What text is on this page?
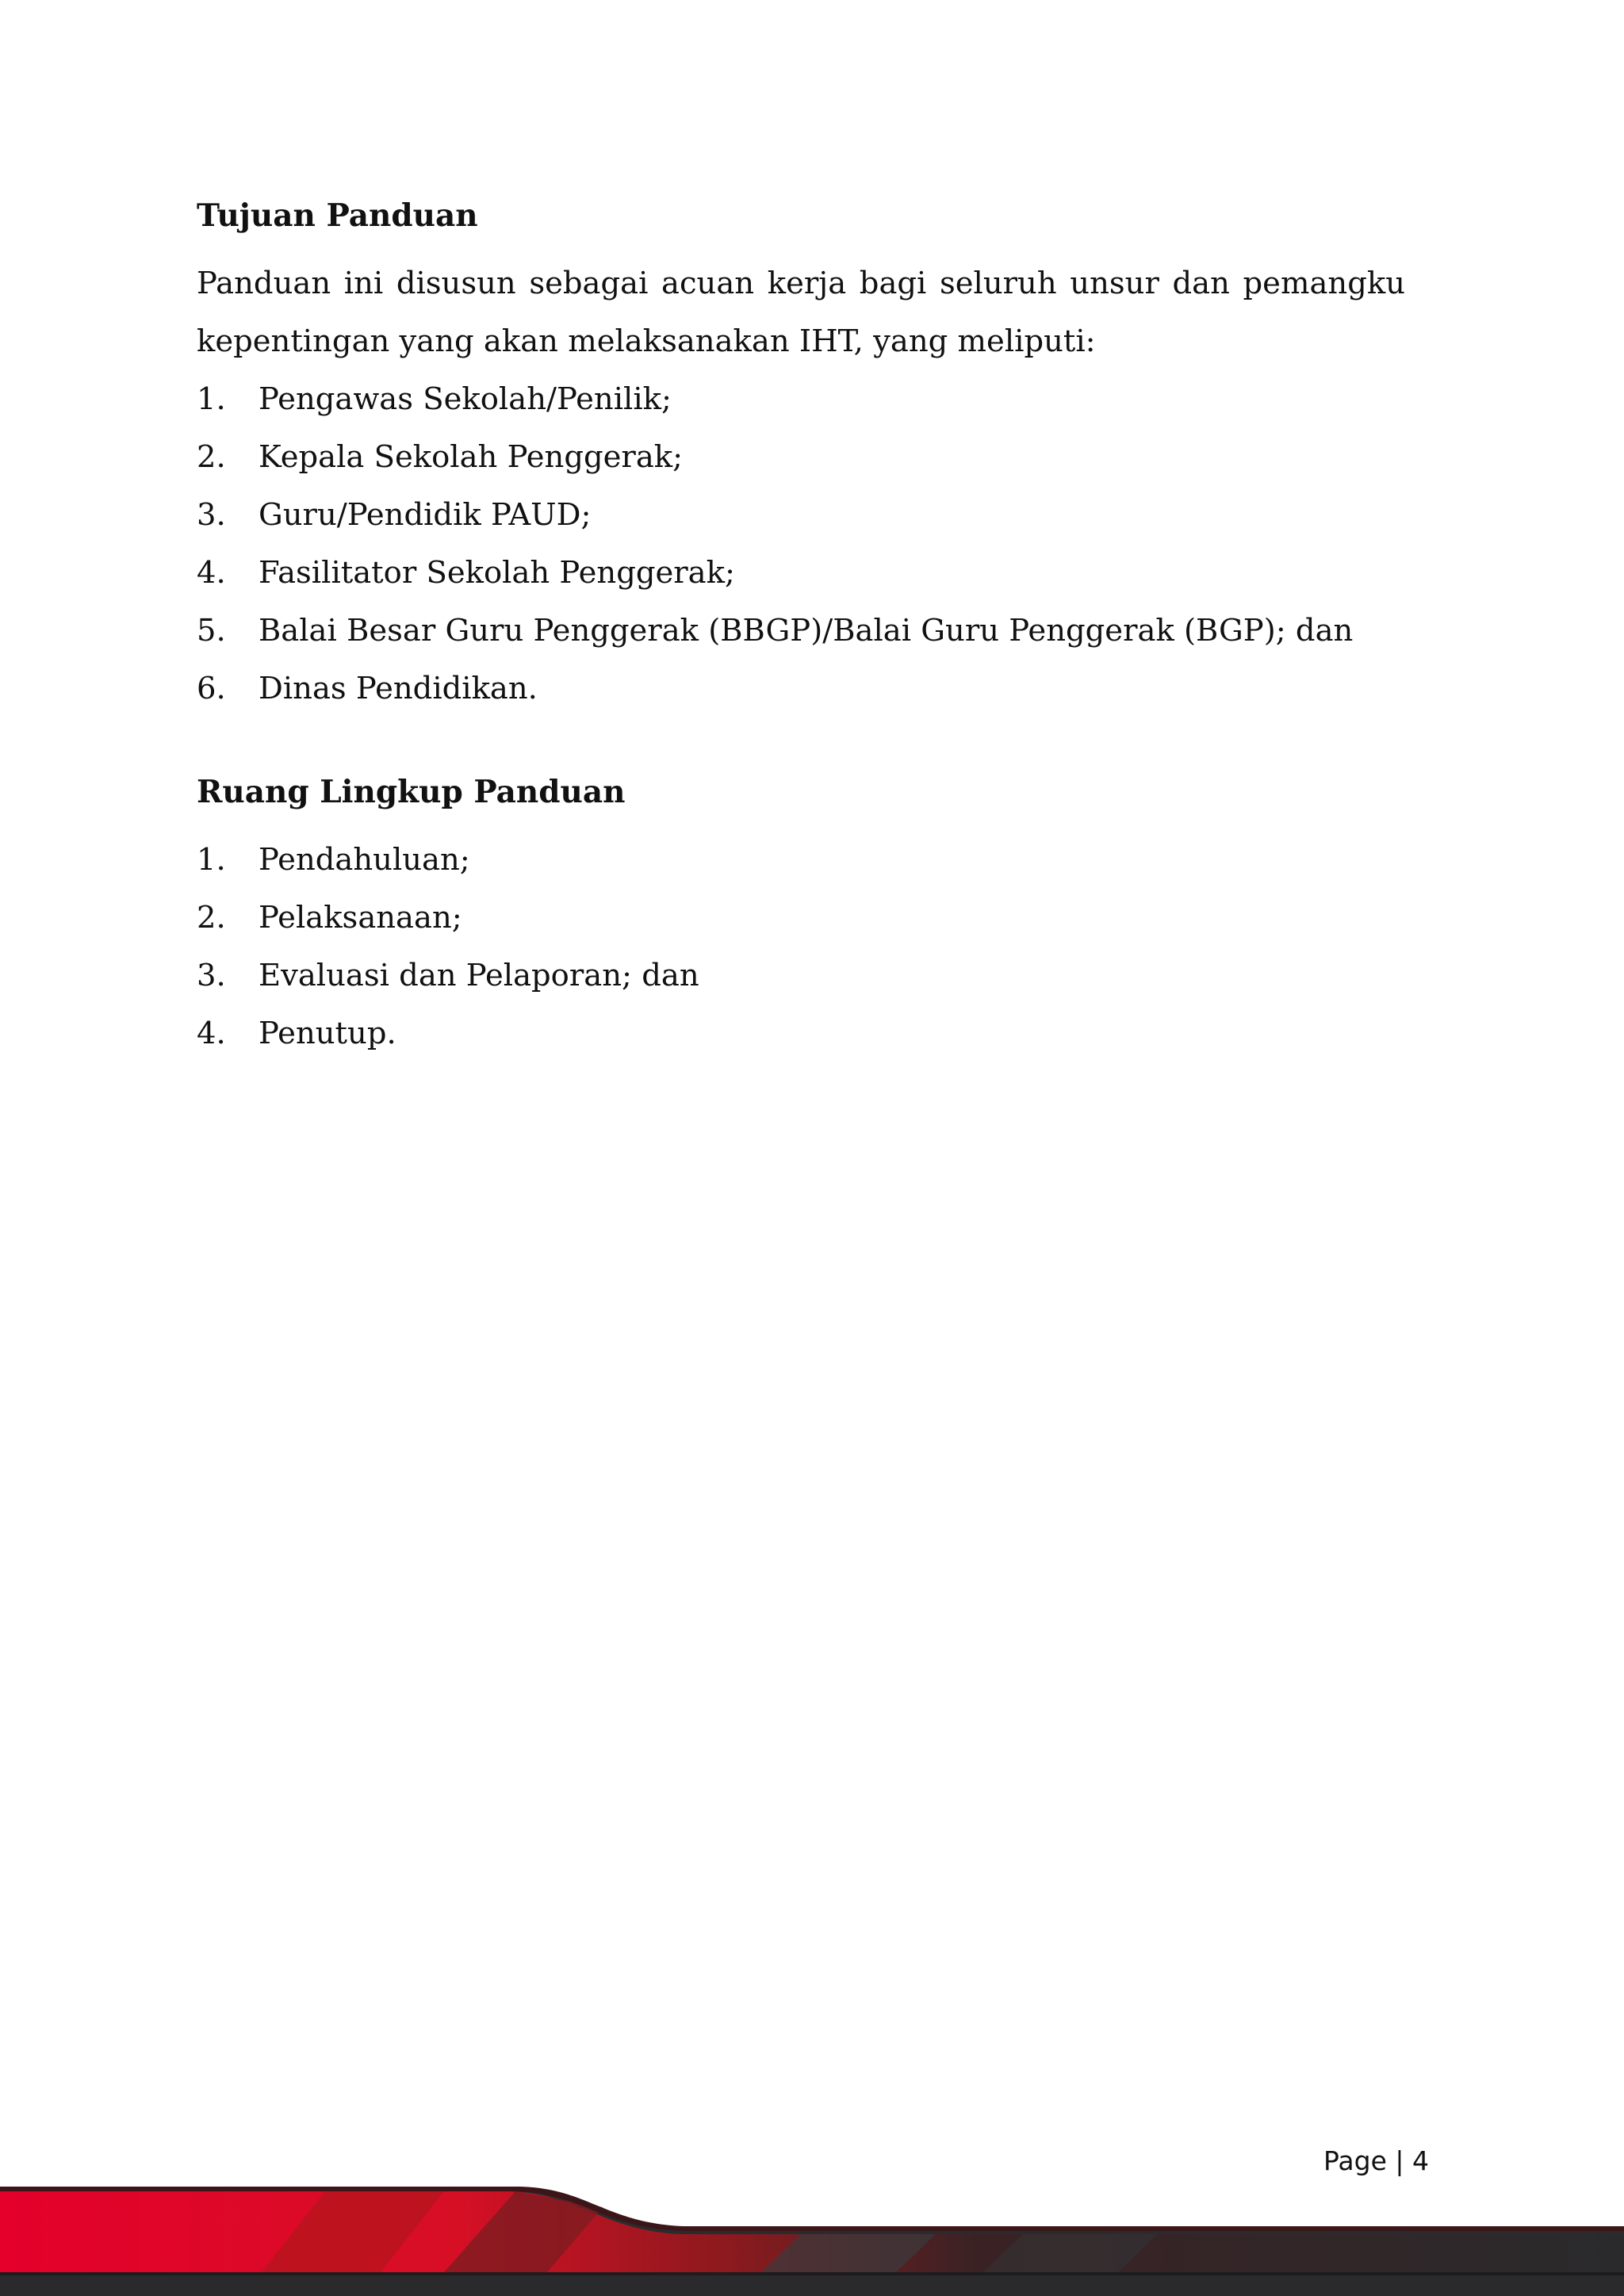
Tujuan Panduan

Panduan ini disusun sebagai acuan kerja bagi seluruh unsur dan pemangku kepentingan yang akan melaksanakan IHT, yang meliputi:

1.	Pengawas Sekolah/Penilik;
2.	Kepala Sekolah Penggerak;
3.	Guru/Pendidik PAUD;
4.	Fasilitator Sekolah Penggerak;
5.	Balai Besar Guru Penggerak (BBGP)/Balai Guru Penggerak (BGP); dan
6.	Dinas Pendidikan.
Ruang Lingkup Panduan
1.	Pendahuluan;
2.	Pelaksanaan;
3.	Evaluasi dan Pelaporan; dan
4.	Penutup.
Page | 4
